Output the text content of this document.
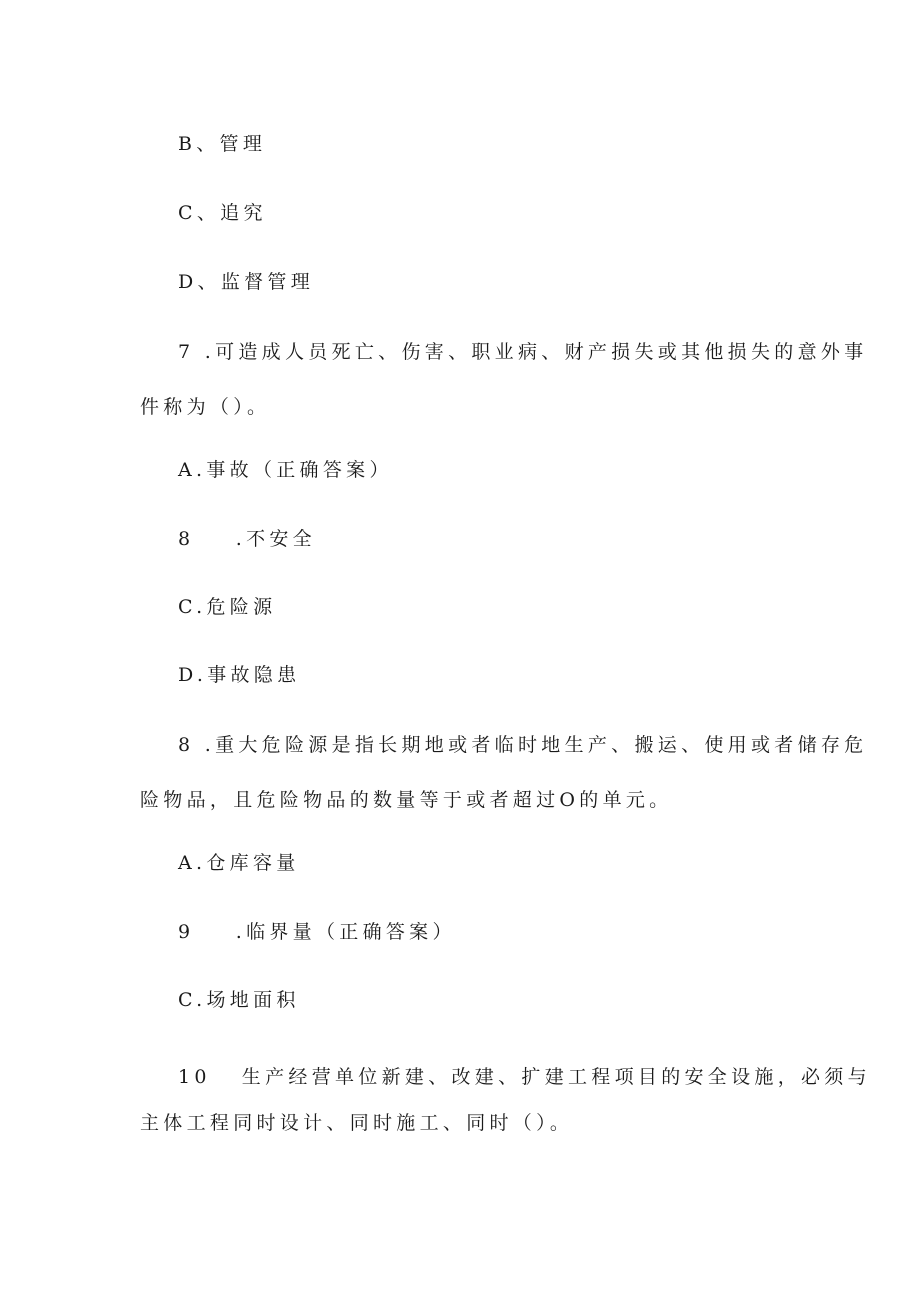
B、管理
C、追究
D、监督管理
7 .可造成人员死亡、伤害、职业病、财产损失或其他损失的意外事
件称为（）。
A.事故（正确答案）
8    .不安全
C.危险源
D.事故隐患
8 .重大危险源是指长期地或者临时地生产、搬运、使用或者储存危
险物品，且危险物品的数量等于或者超过O的单元。
A.仓库容量
9    .临界量（正确答案）
C.场地面积
10   生产经营单位新建、改建、扩建工程项目的安全设施，必须与
主体工程同时设计、同时施工、同时（）。
